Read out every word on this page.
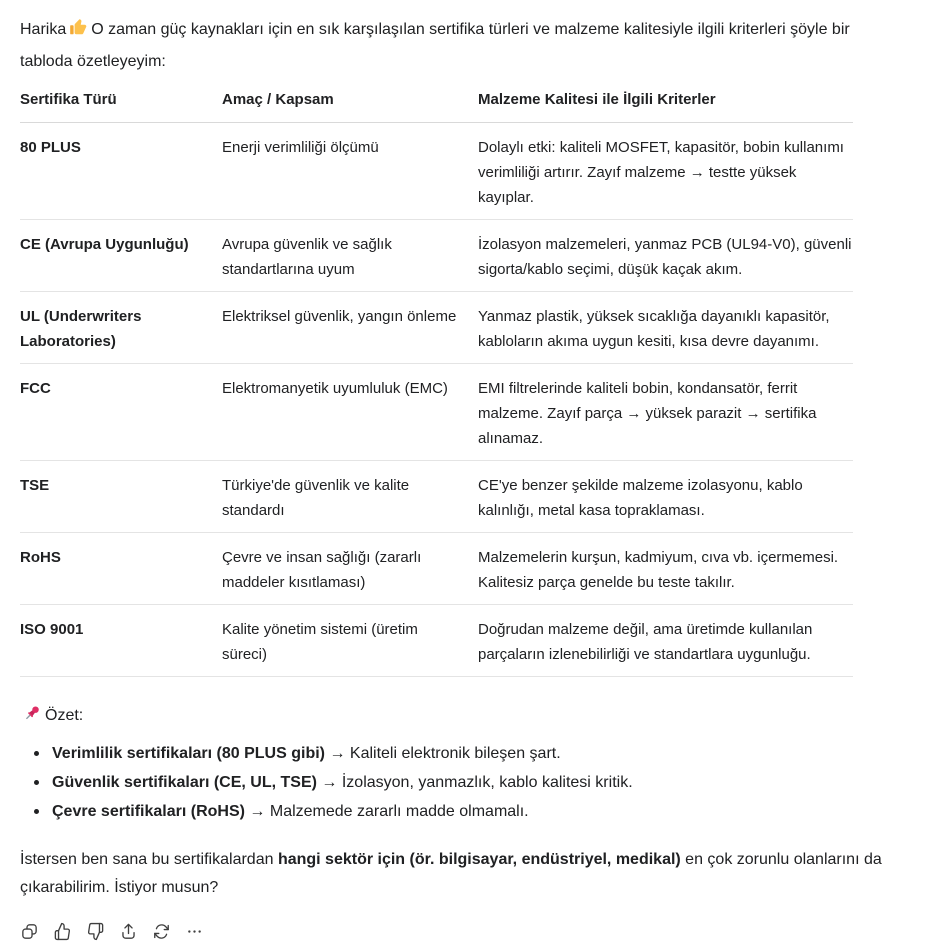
Harika O zaman güç kaynakları için en sık karşılaşılan sertifika türleri ve malzeme kalitesiyle ilgili kriterleri şöyle bir tabloda özetleyeyim:

Sertifika Türü	Amaç / Kapsam	Malzeme Kalitesi ile İlgili Kriterler
80 PLUS	Enerji verimliliği ölçümü	Dolaylı etki: kaliteli MOSFET, kapasitör, bobin kullanımı verimliliği artırır. Zayıf malzeme → testte yüksek kayıplar.
CE (Avrupa Uygunluğu)	Avrupa güvenlik ve sağlık standartlarına uyum	İzolasyon malzemeleri, yanmaz PCB (UL94-V0), güvenli sigorta/kablo seçimi, düşük kaçak akım.
UL (Underwriters Laboratories)	Elektriksel güvenlik, yangın önleme	Yanmaz plastik, yüksek sıcaklığa dayanıklı kapasitör, kabloların akıma uygun kesiti, kısa devre dayanımı.
FCC	Elektromanyetik uyumluluk (EMC)	EMI filtrelerinde kaliteli bobin, kondansatör, ferrit malzeme. Zayıf parça → yüksek parazit → sertifika alınamaz.
TSE	Türkiye'de güvenlik ve kalite standardı	CE'ye benzer şekilde malzeme izolasyonu, kablo kalınlığı, metal kasa topraklaması.
RoHS	Çevre ve insan sağlığı (zararlı maddeler kısıtlaması)	Malzemelerin kurşun, kadmiyum, cıva vb. içermemesi. Kalitesiz parça genelde bu teste takılır.
ISO 9001	Kalite yönetim sistemi (üretim süreci)	Doğrudan malzeme değil, ama üretimde kullanılan parçaların izlenebilirliği ve standartlara uygunluğu.

Özet:

Verimlilik sertifikaları (80 PLUS gibi) → Kaliteli elektronik bileşen şart.
Güvenlik sertifikaları (CE, UL, TSE) → İzolasyon, yanmazlık, kablo kalitesi kritik.
Çevre sertifikaları (RoHS) → Malzemede zararlı madde olmamalı.

İstersen ben sana bu sertifikalardan hangi sektör için (ör. bilgisayar, endüstriyel, medikal) en çok zorunlu olanlarını da çıkarabilirim. İstiyor musun?
